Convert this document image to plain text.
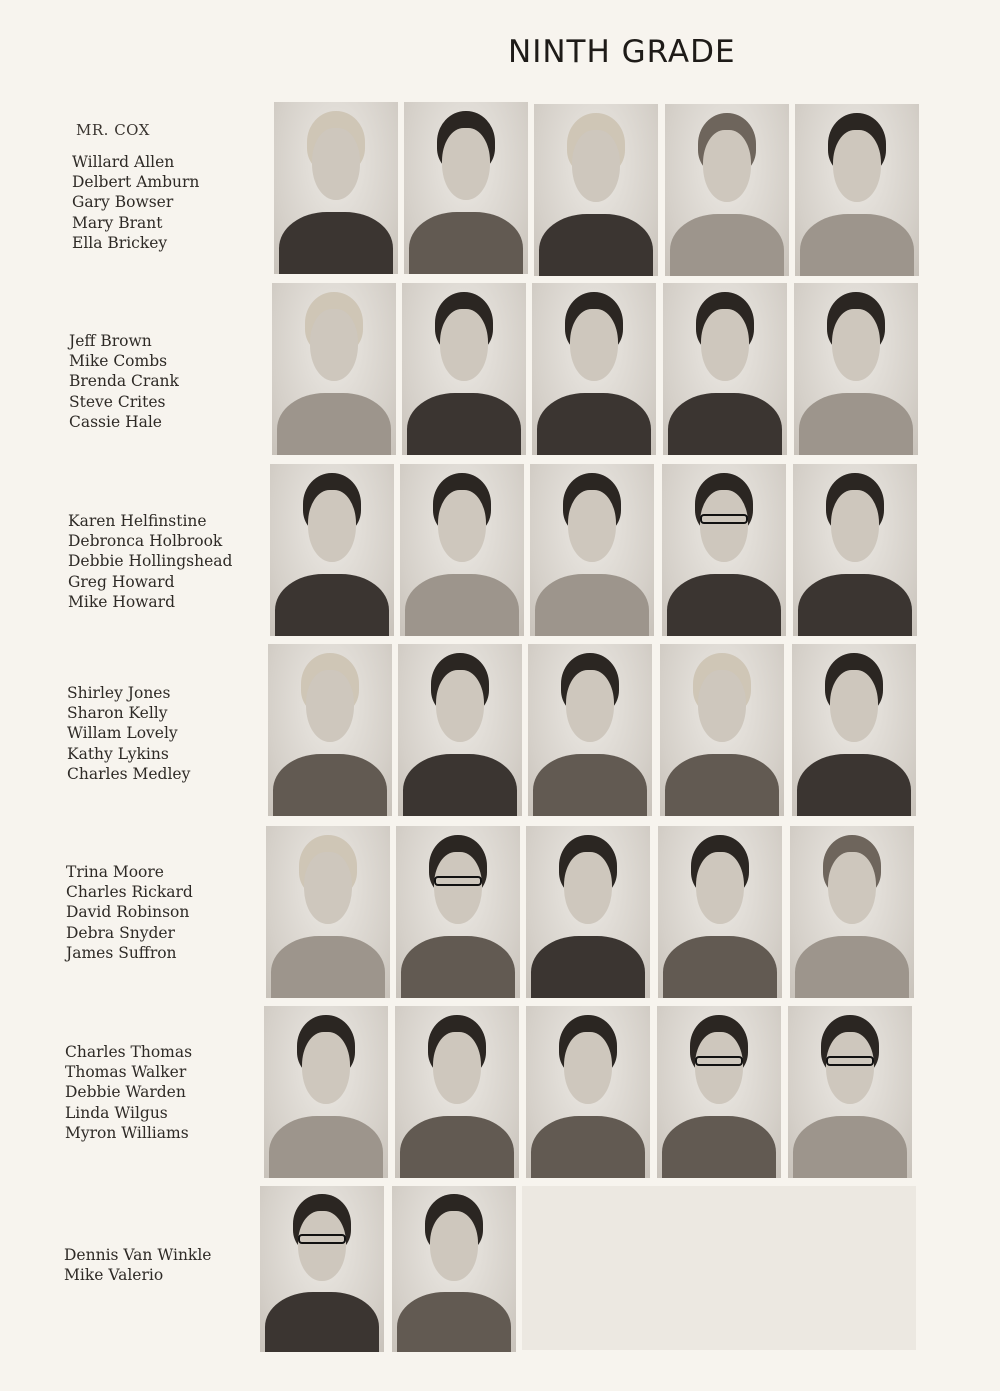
NINTH GRADE
MR. COX
Willard Allen
Delbert Amburn
Gary Bowser
Mary Brant
Ella Brickey
Jeff Brown
Mike Combs
Brenda Crank
Steve Crites
Cassie Hale
Karen Helfinstine
Debronca Holbrook
Debbie Hollingshead
Greg Howard
Mike Howard
Shirley Jones
Sharon Kelly
Willam Lovely
Kathy Lykins
Charles Medley
Trina Moore
Charles Rickard
David Robinson
Debra Snyder
James Suffron
Charles Thomas
Thomas Walker
Debbie Warden
Linda Wilgus
Myron Williams
Dennis Van Winkle
Mike Valerio
